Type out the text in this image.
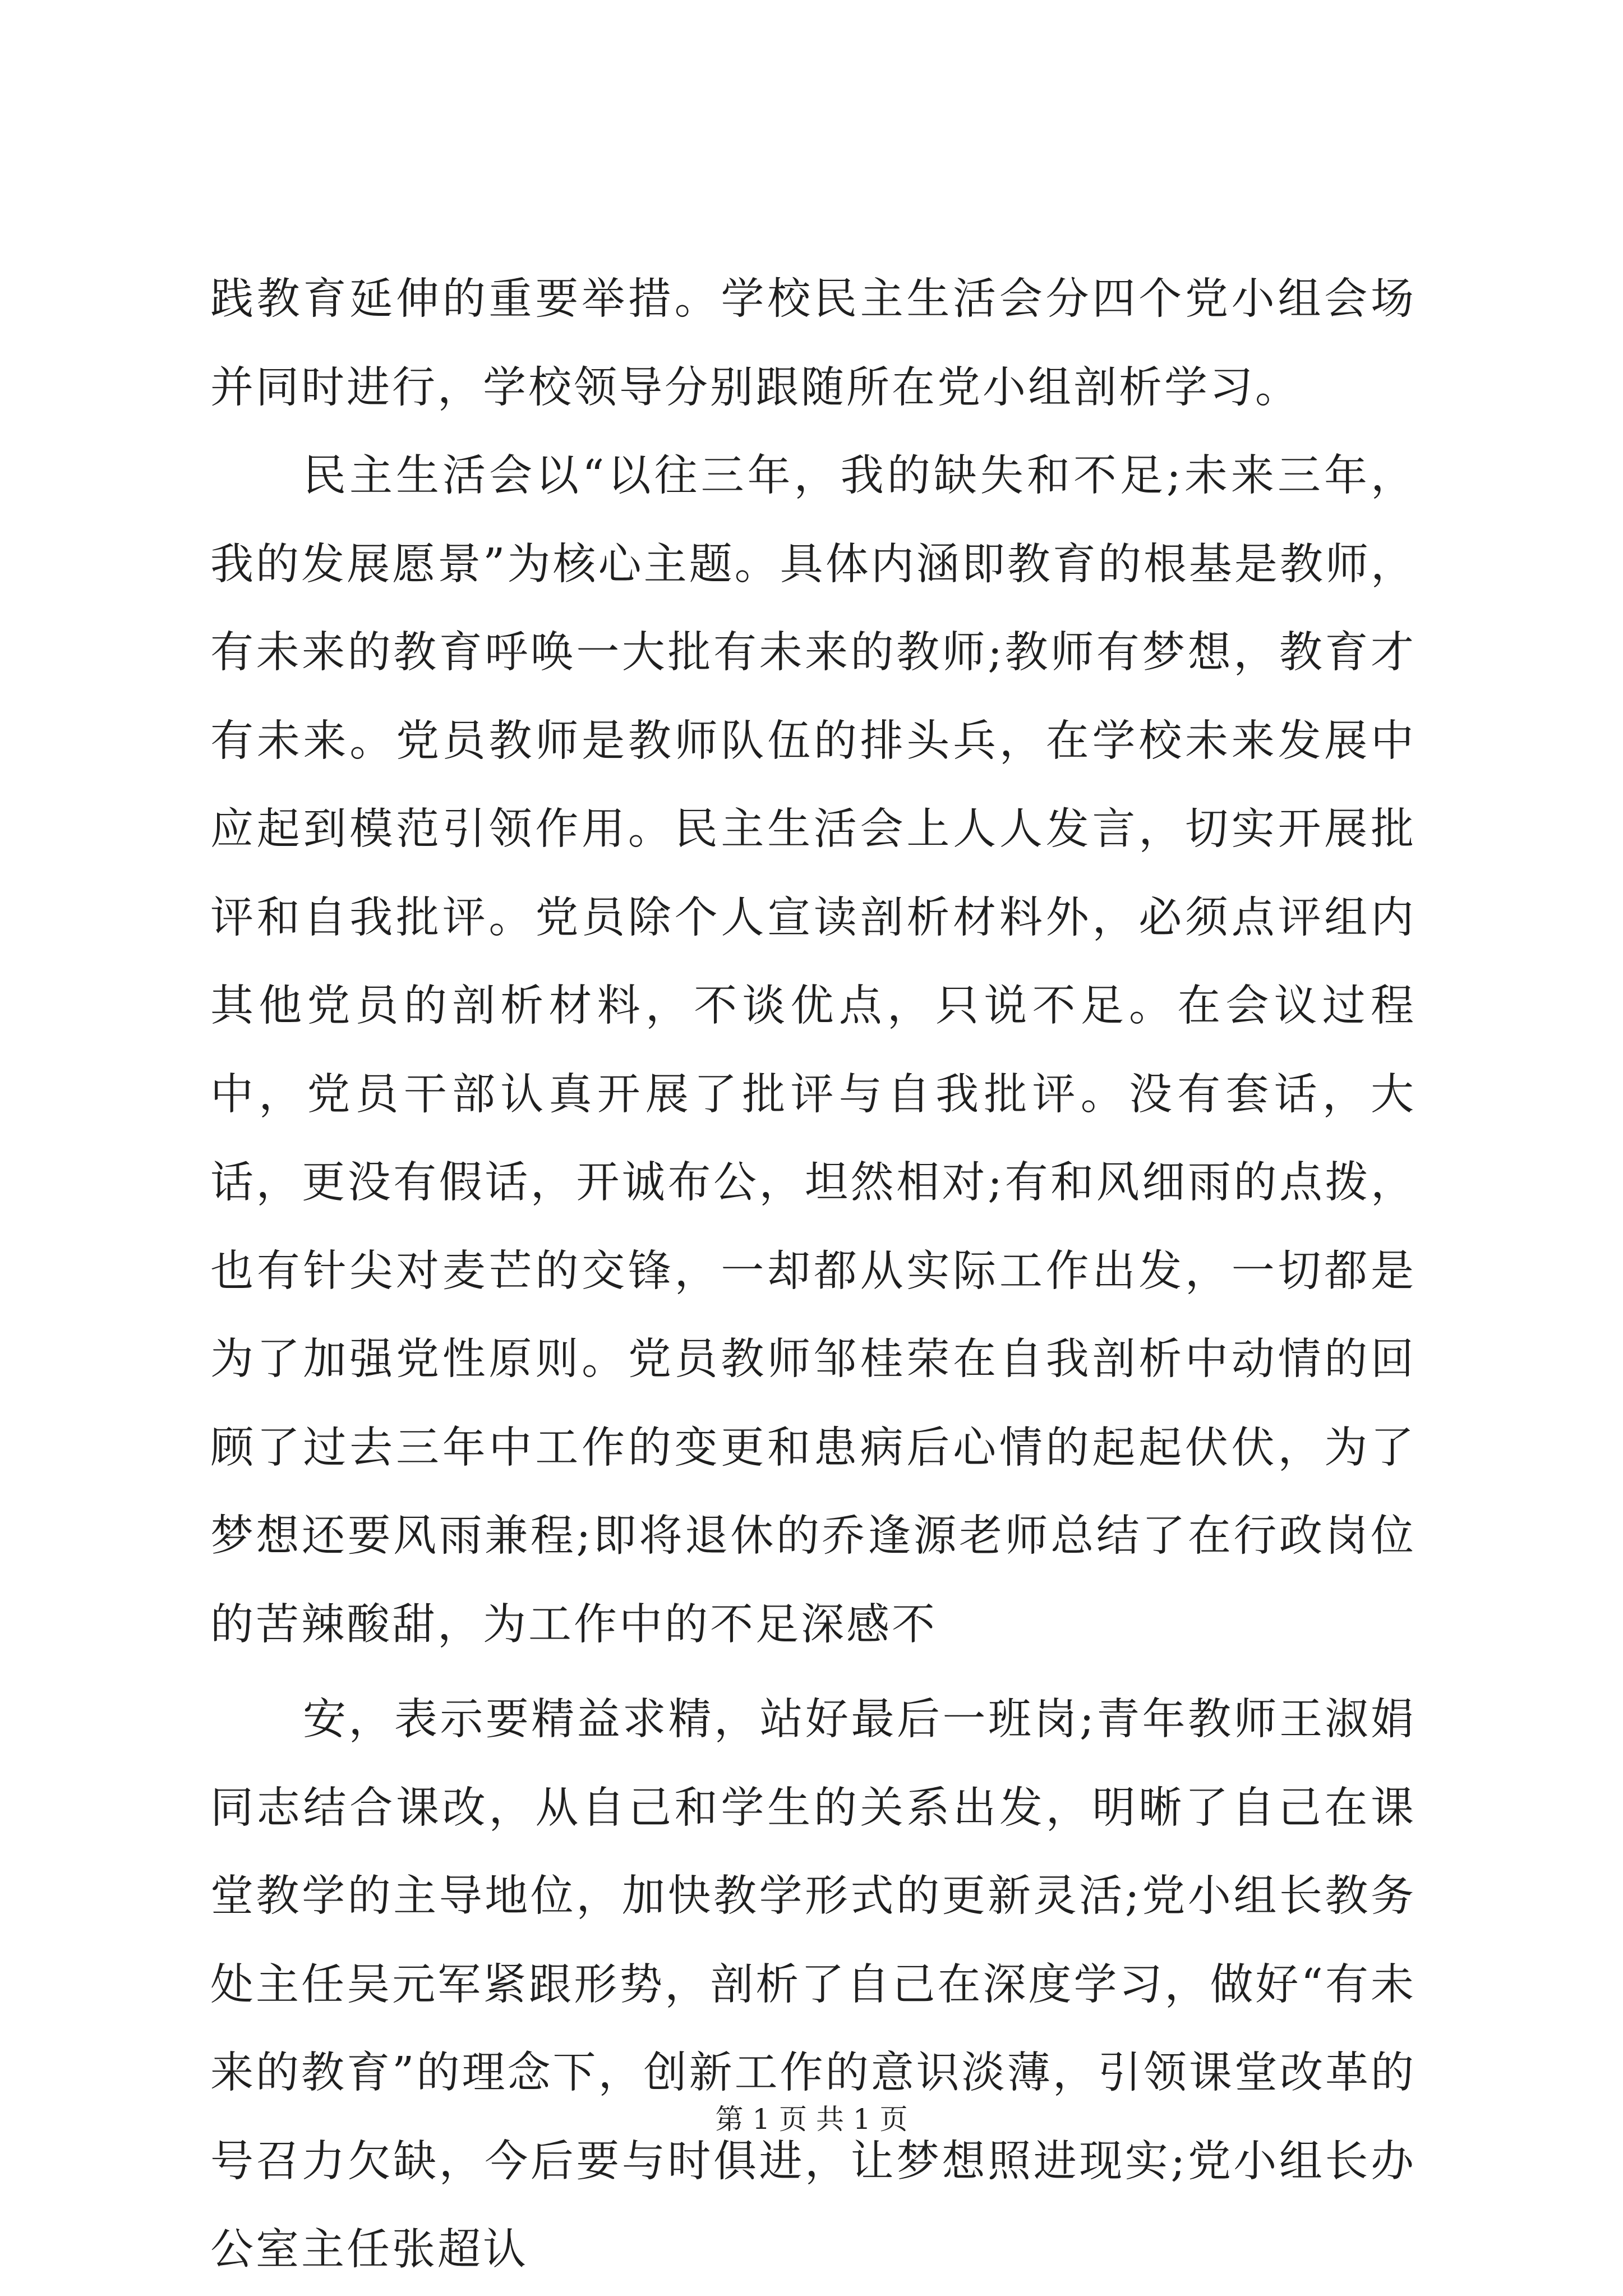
践教育延伸的重要举措。学校民主生活会分四个党小组会场并同时进行，学校领导分别跟随所在党小组剖析学习。

民主生活会以“以往三年，我的缺失和不足;未来三年，我的发展愿景”为核心主题。具体内涵即教育的根基是教师，有未来的教育呼唤一大批有未来的教师;教师有梦想，教育才有未来。党员教师是教师队伍的排头兵，在学校未来发展中应起到模范引领作用。民主生活会上人人发言，切实开展批评和自我批评。党员除个人宣读剖析材料外，必须点评组内其他党员的剖析材料，不谈优点，只说不足。在会议过程中，党员干部认真开展了批评与自我批评。没有套话，大话，更没有假话，开诚布公，坦然相对;有和风细雨的点拨，也有针尖对麦芒的交锋，一却都从实际工作出发，一切都是为了加强党性原则。党员教师邹桂荣在自我剖析中动情的回顾了过去三年中工作的变更和患病后心情的起起伏伏，为了梦想还要风雨兼程;即将退休的乔逢源老师总结了在行政岗位的苦辣酸甜，为工作中的不足深感不

安，表示要精益求精，站好最后一班岗;青年教师王淑娟同志结合课改，从自己和学生的关系出发，明晰了自己在课堂教学的主导地位，加快教学形式的更新灵活;党小组长教务处主任吴元军紧跟形势，剖析了自己在深度学习，做好“有未来的教育”的理念下，创新工作的意识淡薄，引领课堂改革的号召力欠缺，今后要与时俱进，让梦想照进现实;党小组长办公室主任张超认

第 1 页 共 1 页
